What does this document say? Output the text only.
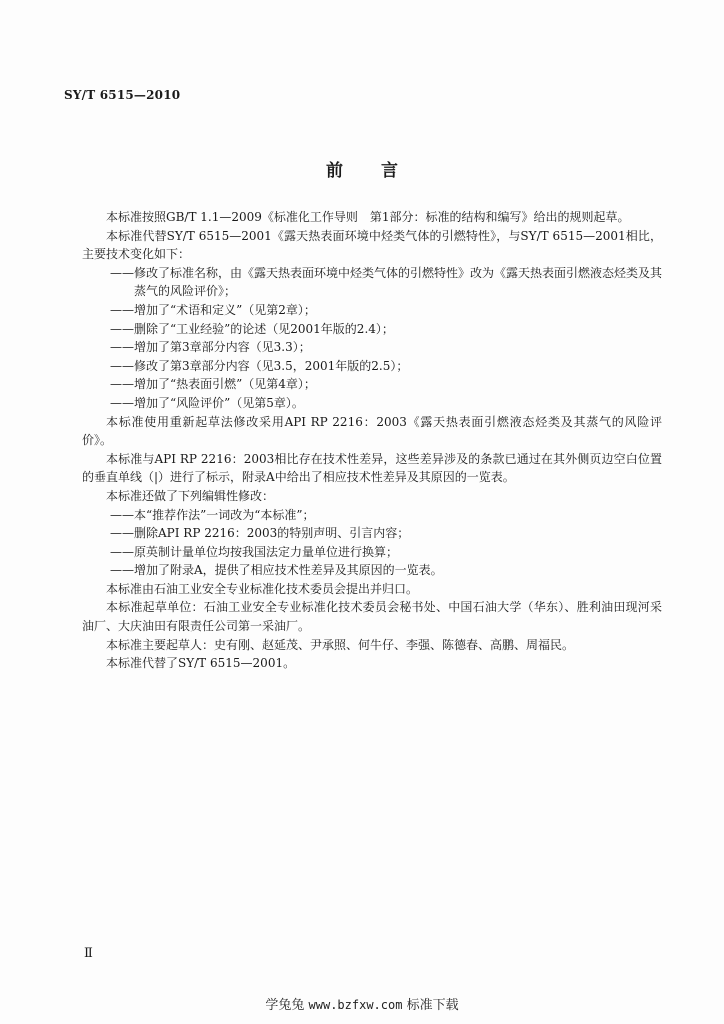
SY/T 6515—2010
前言

本标准按照GB/T 1.1—2009《标准化工作导则　第1部分：标准的结构和编写》给出的规则起草。

本标准代替SY/T 6515—2001《露天热表面环境中烃类气体的引燃特性》，与SY/T 6515—2001相比，主要技术变化如下：

——修改了标准名称，由《露天热表面环境中烃类气体的引燃特性》改为《露天热表面引燃液态烃类及其蒸气的风险评价》；

——增加了“术语和定义”（见第2章）；

——删除了“工业经验”的论述（见2001年版的2.4）；

——增加了第3章部分内容（见3.3）；

——修改了第3章部分内容（见3.5，2001年版的2.5）；

——增加了“热表面引燃”（见第4章）；

——增加了“风险评价”（见第5章）。

本标准使用重新起草法修改采用API RP 2216：2003《露天热表面引燃液态烃类及其蒸气的风险评价》。

本标准与API RP 2216：2003相比存在技术性差异，这些差异涉及的条款已通过在其外侧页边空白位置的垂直单线（|）进行了标示，附录A中给出了相应技术性差异及其原因的一览表。

本标准还做了下列编辑性修改：

——本“推荐作法”一词改为“本标准”；

——删除API RP 2216：2003的特别声明、引言内容；

——原英制计量单位均按我国法定力量单位进行换算；

——增加了附录A，提供了相应技术性差异及其原因的一览表。

本标准由石油工业安全专业标准化技术委员会提出并归口。

本标准起草单位：石油工业安全专业标准化技术委员会秘书处、中国石油大学（华东）、胜利油田现河采油厂、大庆油田有限责任公司第一采油厂。

本标准主要起草人：史有刚、赵延茂、尹承照、何牛仔、李强、陈德春、高鹏、周福民。

本标准代替了SY/T 6515—2001。

Ⅱ
学兔兔 www.bzfxw.com 标准下载
